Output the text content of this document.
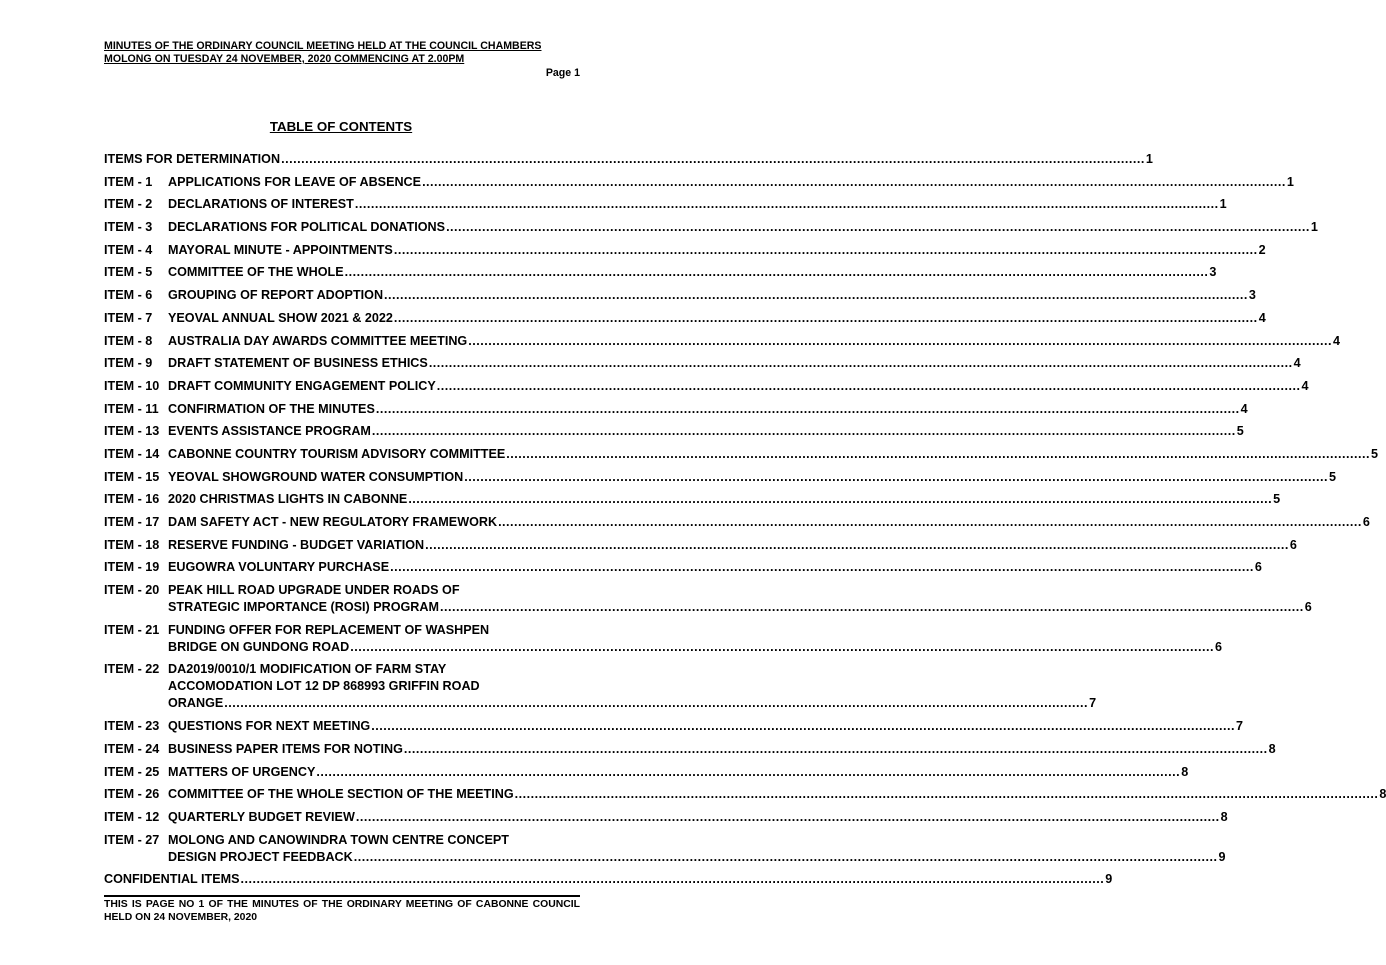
MINUTES OF THE ORDINARY COUNCIL MEETING HELD AT THE COUNCIL CHAMBERS
MOLONG ON TUESDAY 24 NOVEMBER, 2020 COMMENCING AT 2.00PM
Page 1
TABLE OF CONTENTS
ITEMS FOR DETERMINATION .....	1
ITEM - 1	APPLICATIONS FOR LEAVE OF ABSENCE .....	1
ITEM - 2	DECLARATIONS OF INTEREST .....	1
ITEM - 3	DECLARATIONS FOR POLITICAL DONATIONS .....	1
ITEM - 4	MAYORAL MINUTE - APPOINTMENTS .....	2
ITEM - 5	COMMITTEE OF THE WHOLE .....	3
ITEM - 6	GROUPING OF REPORT ADOPTION .....	3
ITEM - 7	YEOVAL ANNUAL SHOW 2021 & 2022 .....	4
ITEM - 8	AUSTRALIA DAY AWARDS COMMITTEE MEETING .....	4
ITEM - 9	DRAFT STATEMENT OF BUSINESS ETHICS .....	4
ITEM - 10 DRAFT COMMUNITY ENGAGEMENT POLICY .....	4
ITEM - 11 CONFIRMATION OF THE MINUTES .....	4
ITEM - 13 EVENTS ASSISTANCE PROGRAM .....	5
ITEM - 14 CABONNE COUNTRY TOURISM ADVISORY COMMITTEE .....	5
ITEM - 15 YEOVAL SHOWGROUND WATER CONSUMPTION .....	5
ITEM - 16 2020 CHRISTMAS LIGHTS IN CABONNE .....	5
ITEM - 17 DAM SAFETY ACT - NEW REGULATORY FRAMEWORK .....	6
ITEM - 18 RESERVE FUNDING - BUDGET VARIATION .....	6
ITEM - 19 EUGOWRA VOLUNTARY PURCHASE .....	6
ITEM - 20 PEAK HILL ROAD UPGRADE UNDER ROADS OF
STRATEGIC IMPORTANCE (ROSI) PROGRAM .....	6
ITEM - 21 FUNDING OFFER FOR REPLACEMENT OF WASHPEN
BRIDGE ON GUNDONG ROAD .....	6
ITEM - 22 DA2019/0010/1 MODIFICATION OF FARM STAY
ACCOMODATION LOT 12 DP 868993 GRIFFIN ROAD
ORANGE .....	7
ITEM - 23 QUESTIONS FOR NEXT MEETING .....	7
ITEM - 24 BUSINESS PAPER ITEMS FOR NOTING .....	8
ITEM - 25 MATTERS OF URGENCY .....	8
ITEM - 26 COMMITTEE OF THE WHOLE SECTION OF THE MEETING .....	8
ITEM - 12 QUARTERLY BUDGET REVIEW .....	8
ITEM - 27 MOLONG AND CANOWINDRA TOWN CENTRE CONCEPT
DESIGN PROJECT FEEDBACK .....	9
CONFIDENTIAL ITEMS .....	9
THIS IS PAGE NO 1 OF THE MINUTES OF THE ORDINARY MEETING OF CABONNE COUNCIL HELD ON 24 NOVEMBER, 2020
